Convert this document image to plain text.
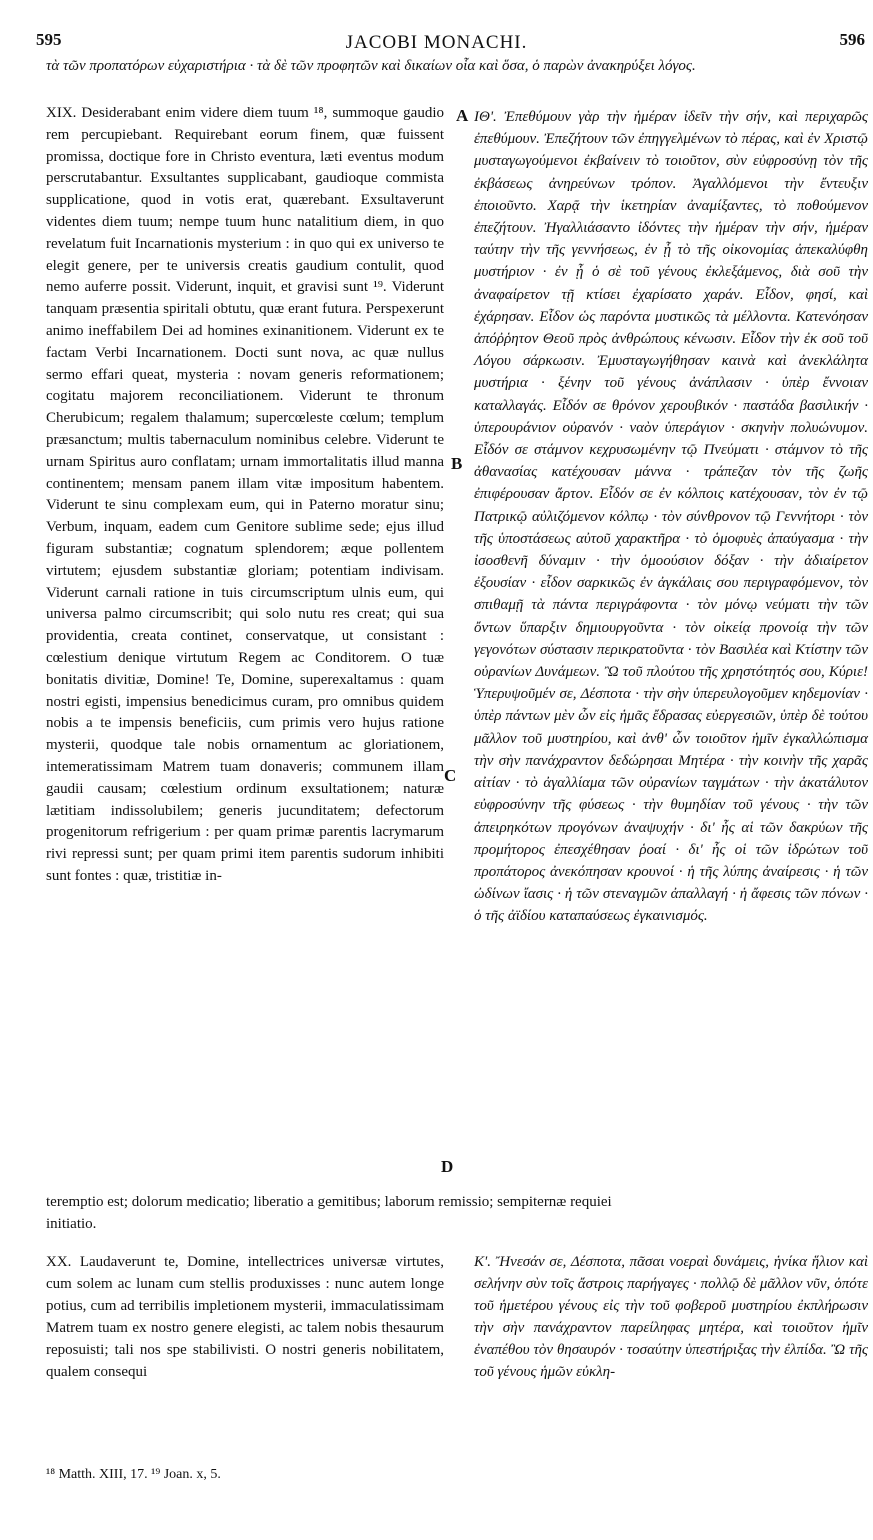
595	JACOBI MONACHI.	596
τὰ τῶν προπατόρων εὐχαριστήρια · τὰ δὲ τῶν προφητῶν καὶ δικαίων οἷα καὶ ὅσα, ὁ παρὼν ἀνακηρύξει λόγος.

XIX. Desiderabant enim videre diem tuum ¹⁸, summoque gaudio rem percupiebant. Requirebant eorum finem, quæ fuissent promissa, doctique fore in Christo eventura, læti eventus modum perscrutabantur. Exsultantes supplicabant, gaudioque commista supplicatione, quod in votis erat, quærebant. Exsultaverunt videntes diem tuum; nempe tuum hunc natalitium diem, in quo revelatum fuit Incarnationis mysterium : in quo qui ex universo te elegit genere, per te universis creatis gaudium contulit, quod nemo auferre possit. Viderunt, inquit, et gravisi sunt ¹⁹. Viderunt tanquam præsentia spiritali obtutu, quæ erant futura. Perspexerunt animo ineffabilem Dei ad homines exinanitionem. Viderunt ex te factam Verbi Incarnationem. Docti sunt nova, ac quæ nullus sermo effari queat, mysteria : novam generis reformationem; cogitatu majorem reconciliationem. Viderunt te thronum Cherubicum; regalem thalamum; supercœleste cœlum; templum præsanctum; multis tabernaculum nominibus celebre. Viderunt te urnam Spiritus auro conflatam; urnam immortalitatis illud manna continentem; mensam panem illam vitæ impositum habentem. Viderunt te sinu complexam eum, qui in Paterno moratur sinu; Verbum, inquam, eadem cum Genitore sublime sede; ejus illud figuram substantiæ; cognatum splendorem; æque pollentem virtutem; ejusdem substantiæ gloriam; potentiam indivisam. Viderunt carnali ratione in tuis circumscriptum ulnis eum, qui universa palmo circumscribit; qui solo nutu res creat; qui sua providentia, creata continet, conservatque, ut consistant : cœlestium denique virtutum Regem ac Conditorem. O tuæ bonitatis divitiæ, Domine! Te, Domine, superexaltamus : quam nostri egisti, impensius benedicimus curam, pro omnibus quidem nobis a te impensis beneficiis, cum primis vero hujus ratione mysterii, quodque tale nobis ornamentum ac gloriationem, intemeratissimam Matrem tuam donaveris; communem illam gaudii causam; cœlestium ordinum exsultationem; naturæ lætitiam indissolubilem; generis jucunditatem; defectorum progenitorum refrigerium : per quam primæ parentis lacrymarum rivi repressi sunt; per quam primi item parentis sudorum inhibiti sunt fontes : quæ, tristitiæ in-

ΙΘ'. Ἐπεθύμουν γὰρ τὴν ἡμέραν ἰδεῖν τὴν σήν, καὶ περιχαρῶς ἐπεθύμουν. Ἐπεζήτουν τῶν ἐπηγγελμένων τὸ πέρας, καὶ ἐν Χριστῷ μυσταγωγούμενοι ἐκβαίνειν τὸ τοιοῦτον, σὺν εὐφροσύνῃ τὸν τῆς ἐκβάσεως ἀνηρεύνων τρόπον. Ἀγαλλόμενοι τὴν ἔντευξιν ἐποιοῦντο. Χαρᾷ τὴν ἱκετηρίαν ἀναμίξαντες, τὸ ποθούμενον ἐπεζήτουν. Ἠγαλλιάσαντο ἰδόντες τὴν ἡμέραν τὴν σήν, ἡμέραν ταύτην τὴν τῆς γεννήσεως, ἐν ᾗ τὸ τῆς οἰκονομίας ἀπεκαλύφθη μυστήριον · ἐν ᾗ ὁ σὲ τοῦ γένους ἐκλεξάμενος, διὰ σοῦ τὴν ἀναφαίρετον τῇ κτίσει ἐχαρίσατο χαράν. Εἶδον, φησί, καὶ ἐχάρησαν. Εἶδον ὡς παρόντα μυστικῶς τὰ μέλλοντα. Κατενόησαν ἀπόῤῥητον Θεοῦ πρὸς ἀνθρώπους κένωσιν. Εἶδον τὴν ἐκ σοῦ τοῦ Λόγου σάρκωσιν. Ἐμυσταγωγήθησαν καινὰ καὶ ἀνεκλάλητα μυστήρια · ξένην τοῦ γένους ἀνάπλασιν · ὑπὲρ ἔννοιαν καταλλαγάς. Εἶδόν σε θρόνον χερουβικόν · παστάδα βασιλικήν · ὑπερουράνιον οὐρανόν · ναὸν ὑπεράγιον · σκηνὴν πολυώνυμον. Εἶδόν σε στάμνον κεχρυσωμένην τῷ Πνεύματι · στάμνον τὸ τῆς ἀθανασίας κατέχουσαν μάννα · τράπεζαν τὸν τῆς ζωῆς ἐπιφέρουσαν ἄρτον. Εἶδόν σε ἐν κόλποις κατέχουσαν, τὸν ἐν τῷ Πατρικῷ αὐλιζόμενον κόλπῳ · τὸν σύνθρονον τῷ Γεννήτορι · τὸν τῆς ὑποστάσεως αὐτοῦ χαρακτῆρα · τὸ ὁμοφυὲς ἀπαύγασμα · τὴν ἰσοσθενῆ δύναμιν · τὴν ὁμοούσιον δόξαν · τὴν ἀδιαίρετον ἐξουσίαν · εἶδον σαρκικῶς ἐν ἀγκάλαις σου περιγραφόμενον, τὸν σπιθαμῇ τὰ πάντα περιγράφοντα · τὸν μόνῳ νεύματι τὴν τῶν ὄντων ὕπαρξιν δημιουργοῦντα · τὸν οἰκείᾳ προνοίᾳ τὴν τῶν γεγονότων σύστασιν περικρατοῦντα · τὸν Βασιλέα καὶ Κτίστην τῶν οὐρανίων Δυνάμεων. Ὢ τοῦ πλούτου τῆς χρηστότητός σου, Κύριε! Ὑπερυψοῦμέν σε, Δέσποτα · τὴν σὴν ὑπερευλογοῦμεν κηδεμονίαν · ὑπὲρ πάντων μὲν ὧν εἰς ἡμᾶς ἔδρασας εὐεργεσιῶν, ὑπὲρ δὲ τούτου μᾶλλον τοῦ μυστηρίου, καὶ ἀνθ' ὧν τοιοῦτον ἡμῖν ἐγκαλλώπισμα τὴν σὴν πανάχραντον δεδώρησαι Μητέρα · τὴν κοινὴν τῆς χαρᾶς αἰτίαν · τὸ ἀγαλλίαμα τῶν οὐρανίων ταγμάτων · τὴν ἀκατάλυτον εὐφροσύνην τῆς φύσεως · τὴν θυμηδίαν τοῦ γένους · τὴν τῶν ἀπειρηκότων προγόνων ἀναψυχήν · δι' ἧς αἱ τῶν δακρύων τῆς προμήτορος ἐπεσχέθησαν ῥοαί · δι' ἧς οἱ τῶν ἱδρώτων τοῦ προπάτορος ἀνεκόπησαν κρουνοί · ἡ τῆς λύπης ἀναίρεσις · ἡ τῶν ὠδίνων ἴασις · ἡ τῶν στεναγμῶν ἀπαλλαγή · ἡ ἄφεσις τῶν πόνων · ὁ τῆς ἀϊδίου καταπαύσεως ἐγκαινισμός.

A
B
C
D
teremptio est; dolorum medicatio; liberatio a gemitibus; laborum remissio; sempiternæ requiei
initiatio.

XX. Laudaverunt te, Domine, intellectrices universæ virtutes, cum solem ac lunam cum stellis produxisses : nunc autem longe potius, cum ad terribilis impletionem mysterii, immaculatissimam Matrem tuam ex nostro genere elegisti, ac talem nobis thesaurum reposuisti; tali nos spe stabilivisti. O nostri generis nobilitatem, qualem consequi

Κ'. Ἤνεσάν σε, Δέσποτα, πᾶσαι νοεραὶ δυνάμεις, ἡνίκα ἥλιον καὶ σελήνην σὺν τοῖς ἄστροις παρήγαγες · πολλῷ δὲ μᾶλλον νῦν, ὁπότε τοῦ ἡμετέρου γένους εἰς τὴν τοῦ φοβεροῦ μυστηρίου ἐκπλήρωσιν τὴν σὴν πανάχραντον παρείληφας μητέρα, καὶ τοιοῦτον ἡμῖν ἐναπέθου τὸν θησαυρόν · τοσαύτην ὑπεστήριξας τὴν ἐλπίδα. Ὢ τῆς τοῦ γένους ἡμῶν εὐκλη-

¹⁸ Matth. XIII, 17. ¹⁹ Joan. x, 5.
